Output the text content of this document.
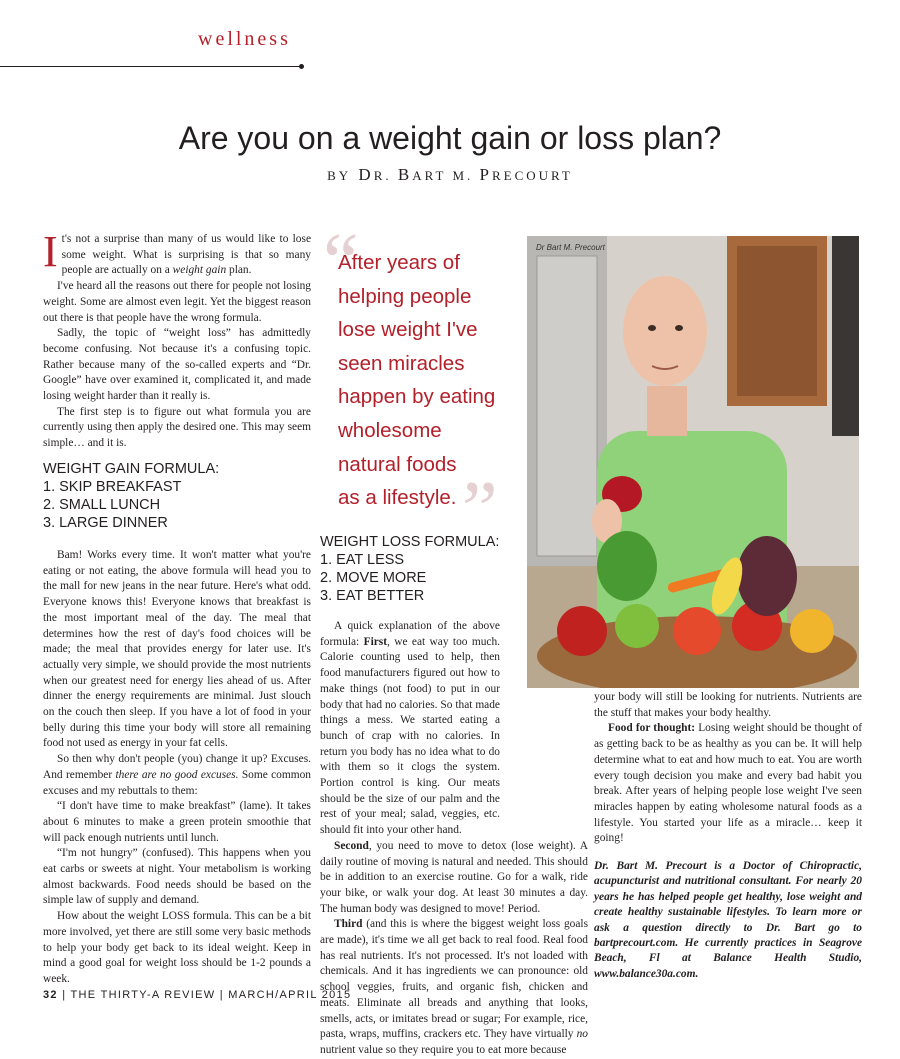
wellness
Are you on a weight gain or loss plan?
BY DR. BART M. PRECOURT

It's not a surprise than many of us would like to lose some weight. What is surprising is that so many people are actually on a weight gain plan.

I've heard all the reasons out there for people not losing weight. Some are almost even legit. Yet the biggest reason out there is that people have the wrong formula.

Sadly, the topic of “weight loss” has admittedly become confusing. Not because it's a confusing topic. Rather because many of the so-called experts and “Dr. Google” have over examined it, complicated it, and made losing weight harder than it really is.

The first step is to figure out what formula you are currently using then apply the desired one. This may seem simple… and it is.

WEIGHT GAIN FORMULA:
1. SKIP BREAKFAST
2. SMALL LUNCH
3. LARGE DINNER

Bam! Works every time. It won't matter what you're eating or not eating, the above formula will head you to the mall for new jeans in the near future. Here's what odd. Everyone knows this! Everyone knows that breakfast is the most important meal of the day. The meal that determines how the rest of day's food choices will be made; the meal that provides energy for later use. It's actually very simple, we should provide the most nutrients when our greatest need for energy lies ahead of us. After dinner the energy requirements are minimal. Just slouch on the couch then sleep. If you have a lot of food in your belly during this time your body will store all remaining food not used as energy in your fat cells.

So then why don't people (you) change it up? Excuses. And remember there are no good excuses. Some common excuses and my rebuttals to them:

“I don't have time to make breakfast” (lame). It takes about 6 minutes to make a green protein smoothie that will pack enough nutrients until lunch.

“I'm not hungry” (confused). This happens when you eat carbs or sweets at night. Your metabolism is working almost backwards. Food needs should be based on the simple law of supply and demand.

How about the weight LOSS formula. This can be a bit more involved, yet there are still some very basic methods to help your body get back to its ideal weight. Keep in mind a good goal for weight loss should be 1-2 pounds a week.

“
After years of
helping people
lose weight I've
seen miracles
happen by eating
wholesome
natural foods
as a lifestyle. ”
WEIGHT LOSS FORMULA:
1. EAT LESS
2. MOVE MORE
3. EAT BETTER

A quick explanation of the above formula: First, we eat way too much. Calorie counting used to help, then food manufacturers figured out how to make things (not food) to put in our body that had no calories. So that made things a mess. We started eating a bunch of crap with no calories. In return you body has no idea what to do with them so it clogs the system. Portion control is king. Our meats should be the size of our palm and the rest of your meal; salad, veggies, etc. should fit into your other hand.

Second, you need to move to detox (lose weight). A daily routine of moving is natural and needed. This should be in addition to an exercise routine. Go for a walk, ride your bike, or walk your dog. At least 30 minutes a day. The human body was designed to move! Period.

Third (and this is where the biggest weight loss goals are made), it's time we all get back to real food. Real food has real nutrients. It's not processed. It's not loaded with chemicals. And it has ingredients we can pronounce: old school veggies, fruits, and organic fish, chicken and meats. Eliminate all breads and anything that looks, smells, acts, or imitates bread or sugar; For example, rice, pasta, wraps, muffins, crackers etc. They have virtually no nutrient value so they require you to eat more because

Dr Bart M. Precourt

your body will still be looking for nutrients. Nutrients are the stuff that makes your body healthy.

Food for thought: Losing weight should be thought of as getting back to be as healthy as you can be. It will help determine what to eat and how much to eat. You are worth every tough decision you make and every bad habit you break. After years of helping people lose weight I've seen miracles happen by eating wholesome natural foods as a lifestyle. You started your life as a miracle… keep it going!

Dr. Bart M. Precourt is a Doctor of Chiropractic, acupuncturist and nutritional consultant. For nearly 20 years he has helped people get healthy, lose weight and create healthy sustainable lifestyles. To learn more or ask a question directly to Dr. Bart go to bartprecourt.com. He currently practices in Seagrove Beach, Fl at Balance Health Studio, www.balance30a.com.
32 | THE THIRTY-A REVIEW | MARCH/APRIL 2015
